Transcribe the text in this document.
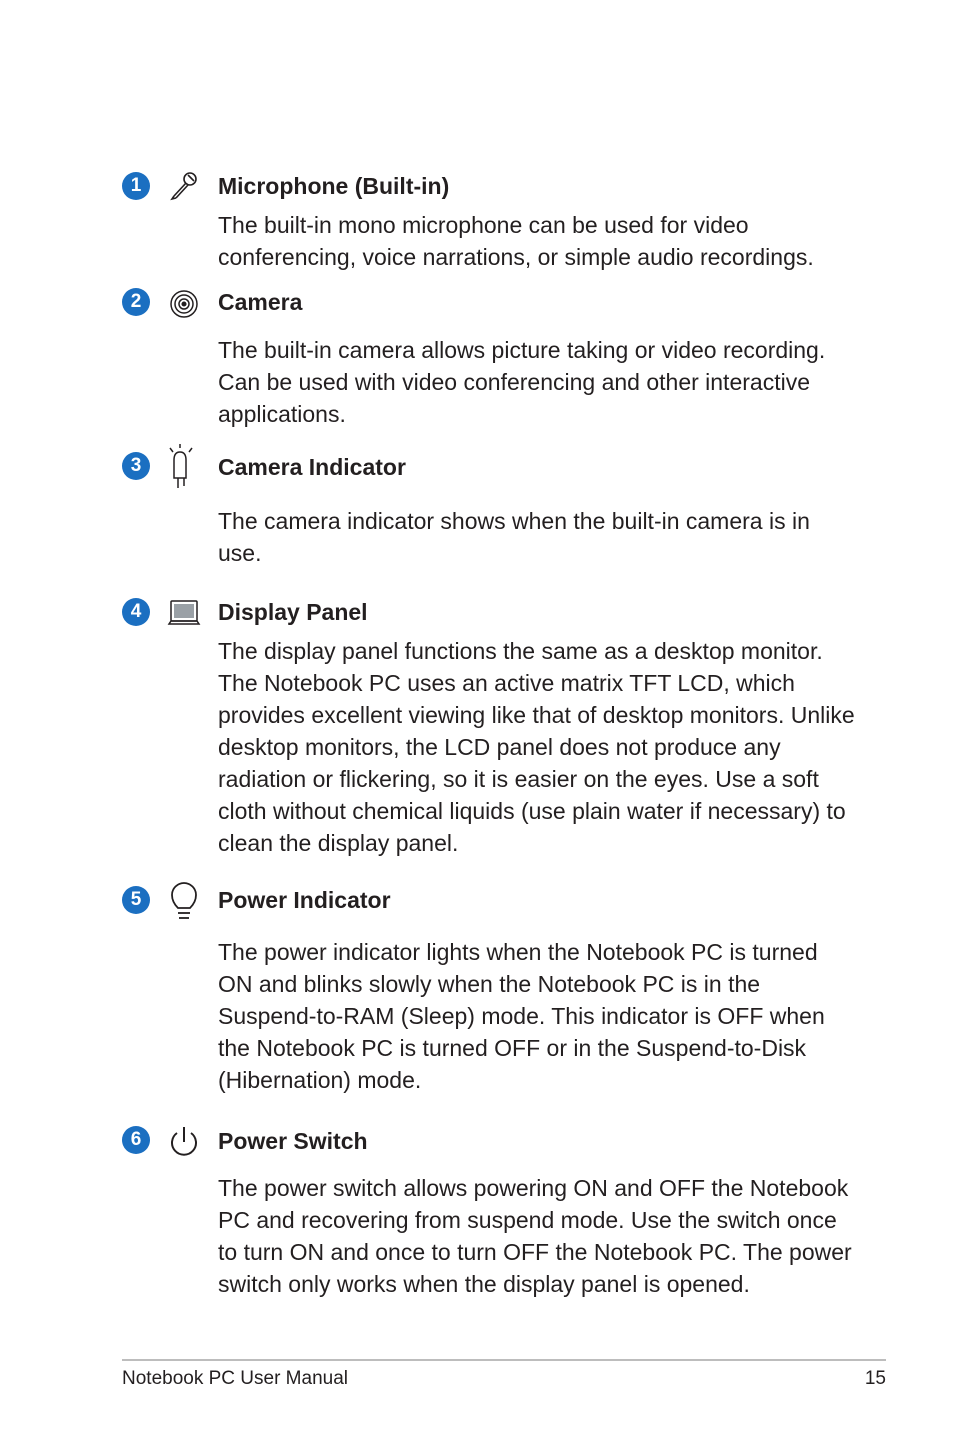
1	Microphone (Built-in)
The built-in mono microphone can be used for video conferencing, voice narrations, or simple audio recordings.
2	Camera
The built-in camera allows picture taking or video recording. Can be used with video conferencing and other interactive applications.
3	Camera Indicator
The camera indicator shows when the built-in camera is in use.
4	Display Panel
The display panel functions the same as a desktop monitor. The Notebook PC uses an active matrix TFT LCD, which provides excellent viewing like that of desktop monitors. Unlike desktop monitors, the LCD panel does not produce any radiation or flickering, so it is easier on the eyes. Use a soft cloth without chemical liquids (use plain water if necessary) to clean the display panel.
5	Power Indicator
The power indicator lights when the Notebook PC is turned ON and blinks slowly when the Notebook PC is in the Suspend-to-RAM (Sleep) mode. This indicator is OFF when the Notebook PC is turned OFF or in the Suspend-to-Disk (Hibernation) mode.
6	Power Switch
The power switch allows powering ON and OFF the Notebook PC and recovering from suspend mode. Use the switch once to turn ON and once to turn OFF the Notebook PC. The power switch only works when the display panel is opened.
Notebook PC User Manual	15
